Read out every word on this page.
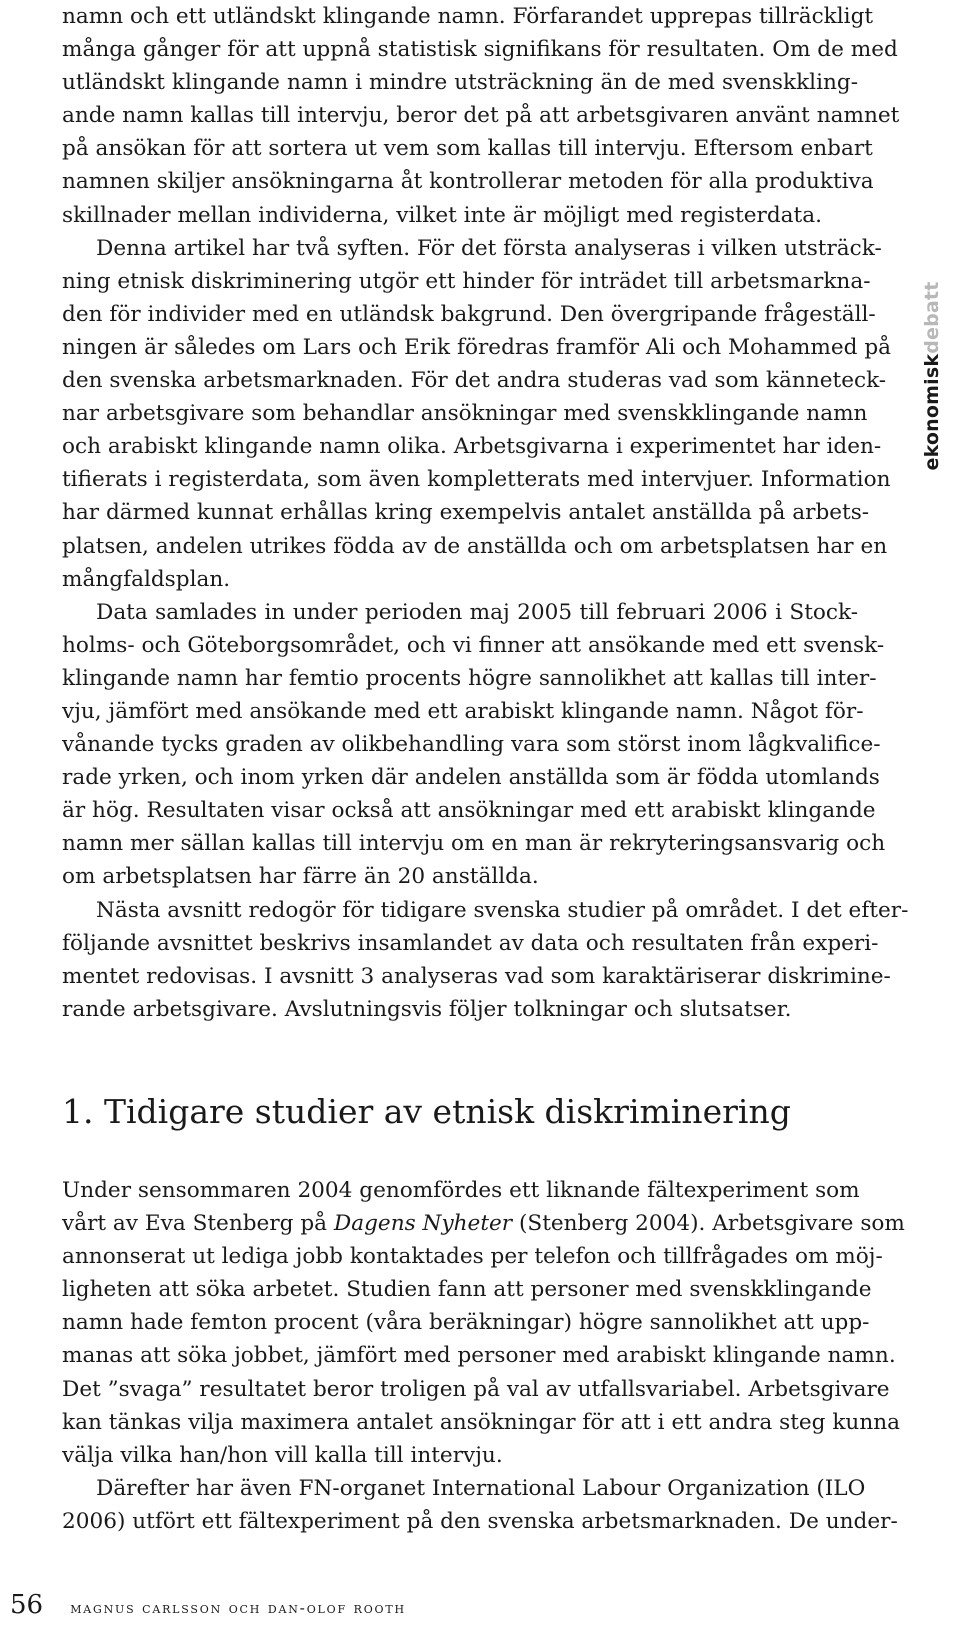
namn och ett utländskt klingande namn. Förfarandet upprepas tillräckligt
många gånger för att uppnå statistisk signifikans för resultaten. Om de med
utländskt klingande namn i mindre utsträckning än de med svenskkling-
ande namn kallas till intervju, beror det på att arbetsgivaren använt namnet
på ansökan för att sortera ut vem som kallas till intervju. Eftersom enbart
namnen skiljer ansökningarna åt kontrollerar metoden för alla produktiva
skillnader mellan individerna, vilket inte är möjligt med registerdata.
Denna artikel har två syften. För det första analyseras i vilken utsträck-
ning etnisk diskriminering utgör ett hinder för inträdet till arbetsmarkna-
den för individer med en utländsk bakgrund. Den övergripande frågeställ-
ningen är således om Lars och Erik föredras framför Ali och Mohammed på
den svenska arbetsmarknaden. För det andra studeras vad som känneteck-
nar arbetsgivare som behandlar ansökningar med svenskklingande namn
och arabiskt klingande namn olika. Arbetsgivarna i experimentet har iden-
tifierats i registerdata, som även kompletterats med intervjuer. Information
har därmed kunnat erhållas kring exempelvis antalet anställda på arbets-
platsen, andelen utrikes födda av de anställda och om arbetsplatsen har en
mångfaldsplan.
Data samlades in under perioden maj 2005 till februari 2006 i Stock-
holms- och Göteborgsområdet, och vi finner att ansökande med ett svensk-
klingande namn har femtio procents högre sannolikhet att kallas till inter-
vju, jämfört med ansökande med ett arabiskt klingande namn. Något för-
vånande tycks graden av olikbehandling vara som störst inom lågkvalifice-
rade yrken, och inom yrken där andelen anställda som är födda utomlands
är hög. Resultaten visar också att ansökningar med ett arabiskt klingande
namn mer sällan kallas till intervju om en man är rekryteringsansvarig och
om arbetsplatsen har färre än 20 anställda.
Nästa avsnitt redogör för tidigare svenska studier på området. I det efter-
följande avsnittet beskrivs insamlandet av data och resultaten från experi-
mentet redovisas. I avsnitt 3 analyseras vad som karaktäriserar diskrimine-
rande arbetsgivare. Avslutningsvis följer tolkningar och slutsatser.
1. Tidigare studier av etnisk diskriminering
Under sensommaren 2004 genomfördes ett liknande fältexperiment som
vårt av Eva Stenberg på Dagens Nyheter (Stenberg 2004). Arbetsgivare som
annonserat ut lediga jobb kontaktades per telefon och tillfrågades om möj-
ligheten att söka arbetet. Studien fann att personer med svenskklingande
namn hade femton procent (våra beräkningar) högre sannolikhet att upp-
manas att söka jobbet, jämfört med personer med arabiskt klingande namn.
Det ”svaga” resultatet beror troligen på val av utfallsvariabel. Arbetsgivare
kan tänkas vilja maximera antalet ansökningar för att i ett andra steg kunna
välja vilka han/hon vill kalla till intervju.
Därefter har även FN-organet International Labour Organization (ILO
2006) utfört ett fältexperiment på den svenska arbetsmarknaden. De under-
ekonomiskdebatt
56 magnus carlsson och dan-olof rooth
